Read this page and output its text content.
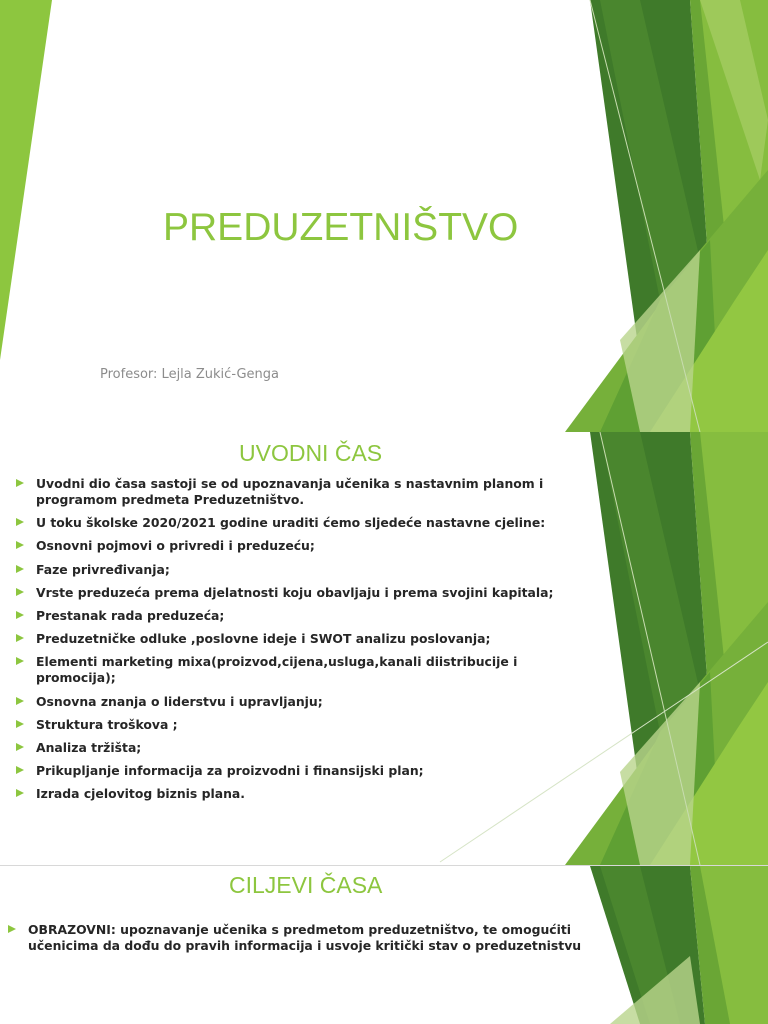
PREDUZETNIŠTVO
Profesor: Lejla Zukić-Genga
UVODNI ČAS
Uvodni dio časa sastoji se od upoznavanja učenika s nastavnim planom i programom predmeta Preduzetništvo.
U toku školske 2020/2021 godine uraditi ćemo sljedeće nastavne cjeline:
Osnovni pojmovi o privredi i preduzeću;
Faze privređivanja;
Vrste preduzeća prema djelatnosti koju obavljaju i prema svojini kapitala;
Prestanak rada preduzeća;
Preduzetničke odluke ,poslovne ideje i SWOT analizu poslovanja;
Elementi marketing mixa(proizvod,cijena,usluga,kanali diistribucije i promocija);
Osnovna znanja o liderstvu i upravljanju;
Struktura troškova ;
Analiza tržišta;
Prikupljanje informacija za proizvodni i finansijski plan;
Izrada cjelovitog biznis plana.
CILJEVI ČASA
OBRAZOVNI: upoznavanje učenika s predmetom preduzetništvo, te omogućiti učenicima da dođu do pravih informacija i usvoje kritički stav o preduzetnistvu
